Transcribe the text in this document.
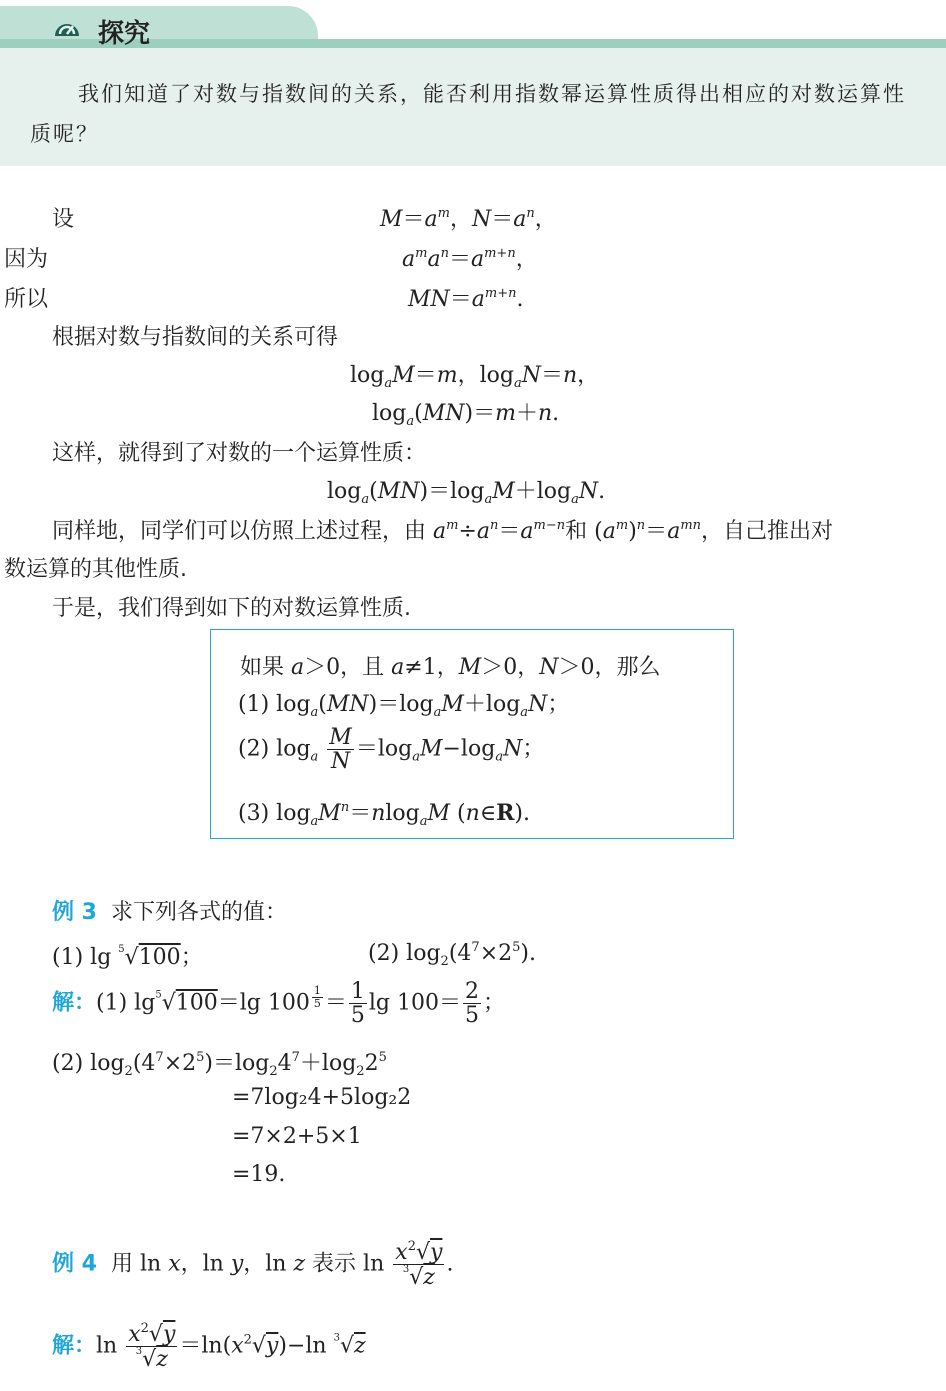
探究
我们知道了对数与指数间的关系，能否利用指数幂运算性质得出相应的对数运算性质呢？
设	$M=a^m$，$N=a^n$，
因为	$a^ma^n=a^{m+n}$，
所以	$MN=a^{m+n}$.
根据对数与指数间的关系可得
$\log_aM=m$，$\log_aN=n$，
$\log_a(MN)=m+n$.
这样，就得到了对数的一个运算性质：
$\log_a(MN)=\log_aM+\log_aN$.
同样地，同学们可以仿照上述过程，由 $a^m\div a^n=a^{m-n}$和 $(a^m)^n=a^{mn}$，自己推出对
数运算的其他性质.
于是，我们得到如下的对数运算性质.
如果 a＞0，且 a≠1，M＞0，N＞0，那么
(1) $\log_a(MN)=\log_aM+\log_aN$；
(2) $\log_a \frac{M}{N} =\log_aM-\log_aN$；
(3) $\log_aM^n=nlog_aM$ (n∈R).
例 3 求下列各式的值：
(1) lg $^5$√100；	(2) $\log_2(4^7\times 2^5)$.
解：(1) $\lg^5√100=\lg$ 100 $^{\frac{1}{5}} = \frac{1}{5}$ $\lg 100= \frac{2}{5}$ ；
(2) $\log_2(4^7\times 2^5)=\log_24^7+\log_22^5$
=7log₂4+5log₂2
=7×2+5×1
=19.
例 4 用 ln x，ln y，ln z 表示 $\ln \frac{x^2√y}{^3√z}$ .
解：$\ln \frac{x^2√y}{^3√z} =\ln(x^2√y)-\ln$ $^3$√z
